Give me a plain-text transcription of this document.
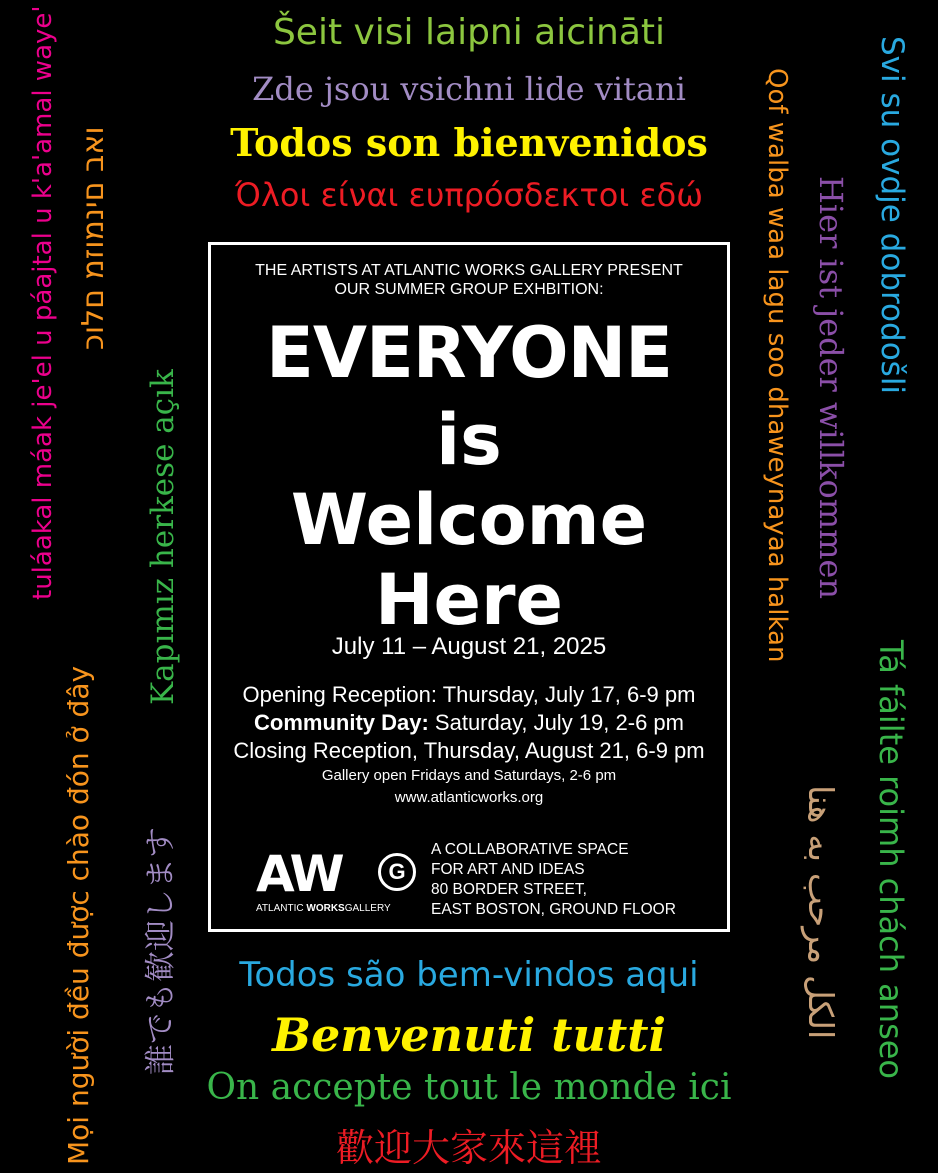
Šeit visi laipni aicināti
Zde jsou vsichni lide vitani
Todos son bienvenidos
Όλοι είναι ευπρόσδεκτοι εδώ
Todos são bem-vindos aqui
Benvenuti tutti
On accepte tout le monde ici
歡迎大家來這裡
tuláakal máak je'el u páajtal u k'a'amal waye' ואב םינמוזמ םלוכ
Mọi người đều được chào đón ở đây 誰でも歓迎します
Kapımız herkese açık	Qof walba waa lagu soo dhaweynayaa halkan Hier ist jeder willkommen Svi su ovdje dobrodošli
Tá fáilte roimh chách anseo
الكل مرحب به هنا
THE ARTISTS AT ATLANTIC WORKS GALLERY PRESENT
OUR SUMMER GROUP EXHBITION:
EVERYONE
is
Welcome
Here
July 11 – August 21, 2025
Opening Reception: Thursday, July 17, 6-9 pm
Community Day: Saturday, July 19, 2-6 pm
Closing Reception, Thursday, August 21, 6-9 pm
Gallery open Fridays and Saturdays, 2-6 pm
www.atlanticworks.org
AW	G
ATLANTIC WORKSGALLERY
A COLLABORATIVE SPACE
FOR ART AND IDEAS
80 BORDER STREET,
EAST BOSTON, GROUND FLOOR
